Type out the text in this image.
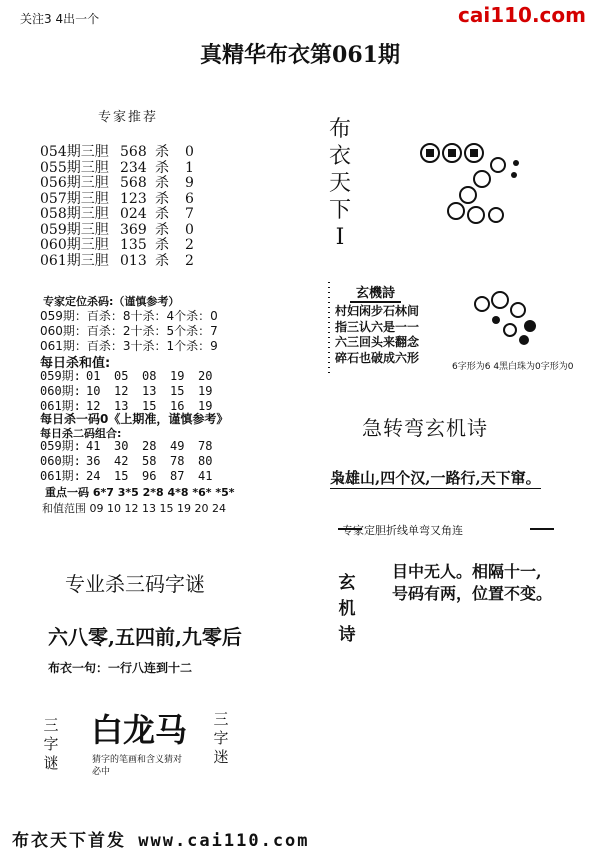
关注3 4出一个	cai110.com
真精华布衣第061期
专家推荐
054期三胆 568 杀 0
055期三胆 234 杀 1
056期三胆 568 杀 9
057期三胆 123 杀 6
058期三胆 024 杀 7
059期三胆 369 杀 0
060期三胆 135 杀 2
061期三胆 013 杀 2
专家定位杀码:（谨慎参考）
059期：百杀：8十杀：4个杀：0
060期：百杀：2十杀：5个杀：7
061期：百杀：3十杀：1个杀：9
每日杀和值:
059期: 01 05 08 19 20
060期: 10 12 13 15 19
061期: 12 13 15 16 19
每日杀一码0《上期准，谨慎参考》
每日杀二码组合:
059期: 41 30 28 49 78
060期: 36 42 58 78 80
061期: 24 15 96 87 41
重点一码 6*7 3*5 2*8 4*8 *6* *5*
和值范围 09 10 12 13 15 19 20 24
专业杀三码字谜
六八零,五四前,九零后
布衣一句：一行八连到十二
三字谜
白龙马
猜字的笔画和含义猜对必中
三字迷
布衣天下I
玄機詩
村妇闲步石林间
指三认六是一一
六三回头来翻念
碎石也破成六形
6字形为6 4黑白珠为0字形为0
急转弯玄机诗
枭雄山,四个汉,一路行,天下窜。
专家定胆折线单弯又角连
玄机诗
目中无人。相隔十一,
号码有两，位置不变。
布衣天下首发 www.cai110.com
